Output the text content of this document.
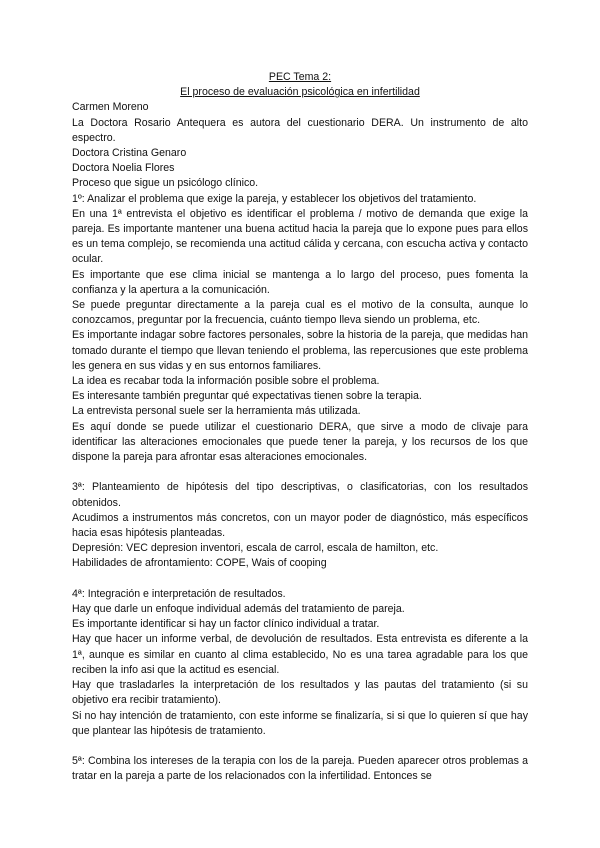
PEC Tema 2:

El proceso de evaluación psicológica en infertilidad

Carmen Moreno

La Doctora Rosario Antequera es autora del cuestionario DERA. Un instrumento de alto espectro.

Doctora Cristina Genaro

Doctora Noelia Flores

Proceso que sigue un psicólogo clínico.

1º: Analizar el problema que exige la pareja, y establecer los objetivos del tratamiento.

En una 1ª entrevista el objetivo es identificar el problema / motivo de demanda que exige la pareja. Es importante mantener una buena actitud hacia la pareja que lo expone pues para ellos es un tema complejo, se recomienda una actitud cálida y cercana, con escucha activa y contacto ocular.

Es importante que ese clima inicial se mantenga a lo largo del proceso, pues fomenta la confianza y la apertura a la comunicación.

Se puede preguntar directamente a la pareja cual es el motivo de la consulta, aunque lo conozcamos, preguntar por la frecuencia, cuánto tiempo lleva siendo un problema, etc.

Es importante indagar sobre factores personales, sobre la historia de la pareja, que medidas han tomado durante el tiempo que llevan teniendo el problema, las repercusiones que este problema les genera en sus vidas y en sus entornos familiares.

La idea es recabar toda la información posible sobre el problema.

Es interesante también preguntar qué expectativas tienen sobre la terapia.

La entrevista personal suele ser la herramienta más utilizada.

Es aquí donde se puede utilizar el cuestionario DERA, que sirve a modo de clivaje para identificar las alteraciones emocionales que puede tener la pareja, y los recursos de los que dispone la pareja para afrontar esas alteraciones emocionales.

3ª: Planteamiento de hipótesis del tipo descriptivas, o clasificatorias, con los resultados obtenidos.

Acudimos a instrumentos más concretos, con un mayor poder de diagnóstico, más específicos hacia esas hipótesis planteadas.

Depresión: VEC depresion inventori, escala de carrol, escala de hamilton, etc.

Habilidades de afrontamiento: COPE, Wais of cooping

4ª: Integración e interpretación de resultados.

Hay que darle un enfoque individual además del tratamiento de pareja.

Es importante identificar si hay un factor clínico individual a tratar.

Hay que hacer un informe verbal, de devolución de resultados. Esta entrevista es diferente a la 1ª, aunque es similar en cuanto al clima establecido, No es una tarea agradable para los que reciben la info asi que la actitud es esencial.

Hay que trasladarles la interpretación de los resultados y las pautas del tratamiento (si su objetivo era recibir tratamiento).

Si no hay intención de tratamiento, con este informe se finalizaría, si si que lo quieren sí que hay que plantear las hipótesis de tratamiento.

5ª: Combina los intereses de la terapia con los de la pareja. Pueden aparecer otros problemas a tratar en la pareja a parte de los relacionados con la infertilidad. Entonces se
